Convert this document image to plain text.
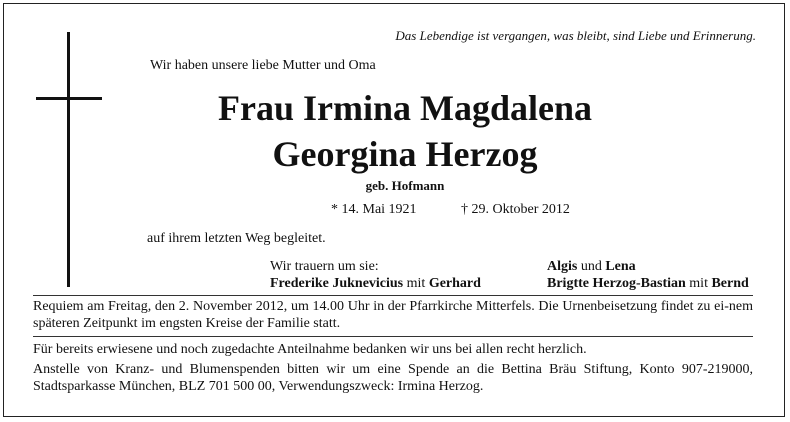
Das Lebendige ist vergangen, was bleibt, sind Liebe und Erinnerung.
Wir haben unsere liebe Mutter und Oma
Frau Irmina Magdalena
Georgina Herzog
geb. Hofmann
* 14. Mai 1921	† 29. Oktober 2012
auf ihrem letzten Weg begleitet.
Wir trauern um sie:
Frederike Juknevicius mit Gerhard
Algis und Lena
Brigtte Herzog-Bastian mit Bernd
Requiem am Freitag, den 2. November 2012, um 14.00 Uhr in der Pfarrkirche Mitterfels. Die Urnenbeisetzung findet zu ei-nem späteren Zeitpunkt im engsten Kreise der Familie statt.
Für bereits erwiesene und noch zugedachte Anteilnahme bedanken wir uns bei allen recht herzlich.
Anstelle von Kranz- und Blumenspenden bitten wir um eine Spende an die Bettina Bräu Stiftung, Konto 907-219000, Stadtsparkasse München, BLZ 701 500 00, Verwendungszweck: Irmina Herzog.
